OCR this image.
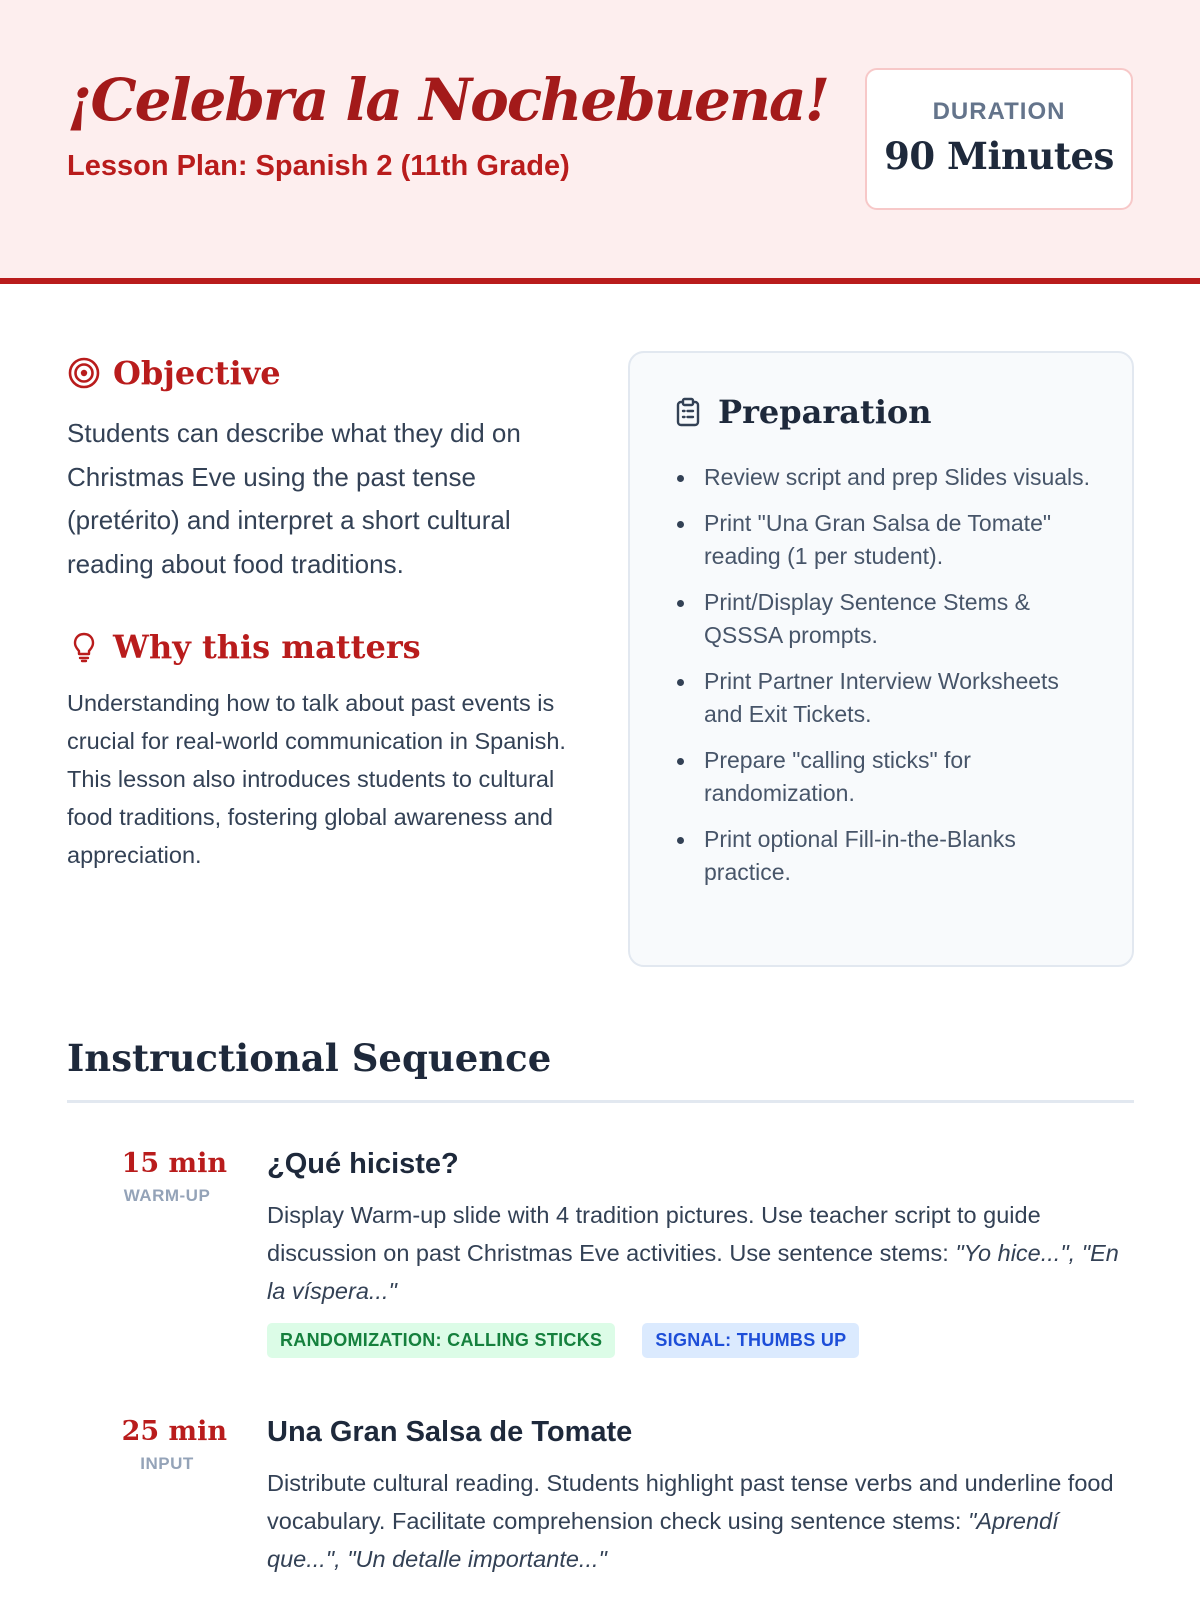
¡Celebra la Nochebuena!
Lesson Plan: Spanish 2 (11th Grade)
DURATION
90 Minutes
Objective
Students can describe what they did on Christmas Eve using the past tense (pretérito) and interpret a short cultural reading about food traditions.
Why this matters
Understanding how to talk about past events is crucial for real-world communication in Spanish. This lesson also introduces students to cultural food traditions, fostering global awareness and appreciation.
Preparation
Review script and prep Slides visuals.
Print "Una Gran Salsa de Tomate" reading (1 per student).
Print/Display Sentence Stems & QSSSA prompts.
Print Partner Interview Worksheets and Exit Tickets.
Prepare "calling sticks" for randomization.
Print optional Fill-in-the-Blanks practice.
Instructional Sequence
15 min
WARM-UP
¿Qué hiciste?
Display Warm-up slide with 4 tradition pictures. Use teacher script to guide discussion on past Christmas Eve activities. Use sentence stems: "Yo hice...", "En la víspera..."
RANDOMIZATION: CALLING STICKS	SIGNAL: THUMBS UP
25 min
INPUT
Una Gran Salsa de Tomate
Distribute cultural reading. Students highlight past tense verbs and underline food vocabulary. Facilitate comprehension check using sentence stems: "Aprendí que...", "Un detalle importante..."
